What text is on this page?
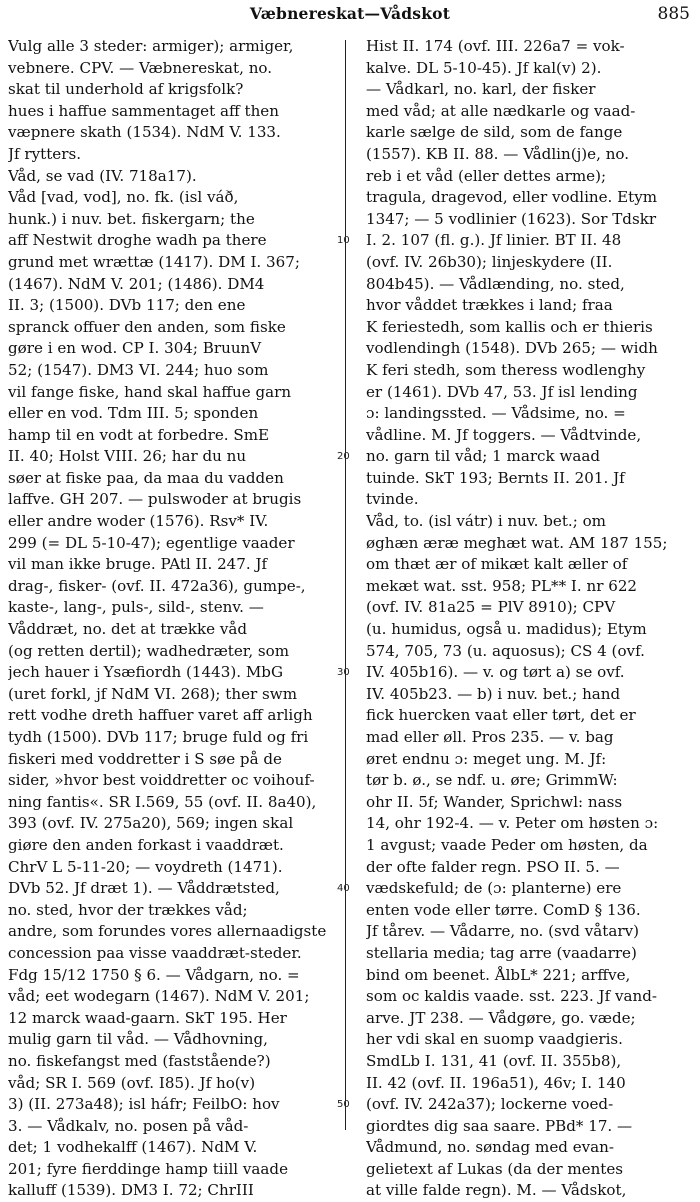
Væbnereskat—Vådskot	885

Vulg alle 3 steder: armiger); armiger,

vebnere. CPV. — Væbnereskat, no.

skat til underhold af krigsfolk?

hues i haffue sammentaget aff then

væpnere skath (1534). NdM V. 133.

Jf rytters.

Våd, se vad (IV. 718a17).

Våd [vad, vod], no. fk. (isl váð,

hunk.) i nuv. bet. fiskergarn; the

aff Nestwit droghe wadh pa there

grund met wrættæ (1417). DM I. 367;

(1467). NdM V. 201; (1486). DM4

II. 3; (1500). DVb 117; den ene

spranck offuer den anden, som fiske

gøre i en wod. CP I. 304; BruunV

52; (1547). DM3 VI. 244; huo som

vil fange fiske, hand skal haffue garn

eller en vod. Tdm III. 5; sponden

hamp til en vodt at forbedre. SmE

II. 40; Holst VIII. 26; har du nu

søer at fiske paa, da maa du vadden

laffve. GH 207. — pulswoder at brugis

eller andre woder (1576). Rsv* IV.

299 (= DL 5-10-47); egentlige vaader

vil man ikke bruge. PAtl II. 247. Jf

drag-, fisker- (ovf. II. 472a36), gumpe-,

kaste-, lang-, puls-, sild-, stenv. —

Våddræt, no. det at trække våd

(og retten dertil); wadhedræter, som

jech hauer i Ysæfiordh (1443). MbG

(uret forkl, jf NdM VI. 268); ther swm

rett vodhe dreth haffuer varet aff arligh

tydh (1500). DVb 117; bruge fuld og fri

fiskeri med voddretter i S søe på de

sider, »hvor best voiddretter oc voihouf-

ning fantis«. SR I.569, 55 (ovf. II. 8a40),

393 (ovf. IV. 275a20), 569; ingen skal

giøre den anden forkast i vaaddræt.

ChrV L 5-11-20; — voydreth (1471).

DVb 52. Jf dræt 1). — Våddrætsted,

no. sted, hvor der trækkes våd;

andre, som forundes vores allernaadigste

concession paa visse vaaddræt-steder.

Fdg 15/12 1750 § 6. — Vådgarn, no. =

våd; eet wodegarn (1467). NdM V. 201;

12 marck waad-gaarn. SkT 195. Her

mulig garn til våd. — Vådhovning,

no. fiskefangst med (faststående?)

våd; SR I. 569 (ovf. I85). Jf ho(v)

3) (II. 273a48); isl háfr; FeilbO: hov

3. — Vådkalv, no. posen på våd-

det; 1 vodhekalff (1467). NdM V.

201; fyre fierddinge hamp tiill vaade

kalluff (1539). DM3 I. 72; ChrIII

Hist II. 174 (ovf. III. 226a7 = vok-

kalve. DL 5-10-45). Jf kal(v) 2).

— Vådkarl, no. karl, der fisker

med våd; at alle nædkarle og vaad-

karle sælge de sild, som de fange

(1557). KB II. 88. — Vådlin(j)e, no.

reb i et våd (eller dettes arme);

tragula, dragevod, eller vodline. Etym

1347; — 5 vodlinier (1623). Sor Tdskr

I. 2. 107 (fl. g.). Jf linier. BT II. 48

(ovf. IV. 26b30); linjeskydere (II.

804b45). — Vådlænding, no. sted,

hvor våddet trækkes i land; fraa

K feriestedh, som kallis och er thieris

vodlendingh (1548). DVb 265; — widh

K feri stedh, som theress wodlenghy

er (1461). DVb 47, 53. Jf isl lending

ɔ: landingssted. — Vådsime, no. =

vådline. M. Jf toggers. — Vådtvinde,

no. garn til våd; 1 marck waad

tuinde. SkT 193; Bernts II. 201. Jf

tvinde.

Våd, to. (isl vátr) i nuv. bet.; om

øghæn æræ meghæt wat. AM 187 155;

om thæt ær of mikæt kalt æller of

mekæt wat. sst. 958; PL** I. nr 622

(ovf. IV. 81a25 = PlV 8910); CPV

(u. humidus, også u. madidus); Etym

574, 705, 73 (u. aquosus); CS 4 (ovf.

IV. 405b16). — v. og tørt a) se ovf.

IV. 405b23. — b) i nuv. bet.; hand

fick huercken vaat eller tørt, det er

mad eller øll. Pros 235. — v. bag

øret endnu ɔ: meget ung. M. Jf:

tør b. ø., se ndf. u. øre; GrimmW:

ohr II. 5f; Wander, Sprichwl: nass

14, ohr 192-4. — v. Peter om høsten ɔ:

1 avgust; vaade Peder om høsten, da

der ofte falder regn. PSO II. 5. —

vædskefuld; de (ɔ: planterne) ere

enten vode eller tørre. ComD § 136.

Jf tårev. — Vådarre, no. (svd våtarv)

stellaria media; tag arre (vaadarre)

bind om beenet. ÅlbL* 221; arffve,

som oc kaldis vaade. sst. 223. Jf vand-

arve. JT 238. — Vådgøre, go. væde;

her vdi skal en suomp vaadgieris.

SmdLb I. 131, 41 (ovf. II. 355b8),

II. 42 (ovf. II. 196a51), 46v; I. 140

(ovf. IV. 242a37); lockerne voed-

giordtes dig saa saare. PBd* 17. —

Vådmund, no. søndag med evan-

gelietext af Lukas (da der mentes

at ville falde regn). M. — Vådskot,

10
20
30
40
50
